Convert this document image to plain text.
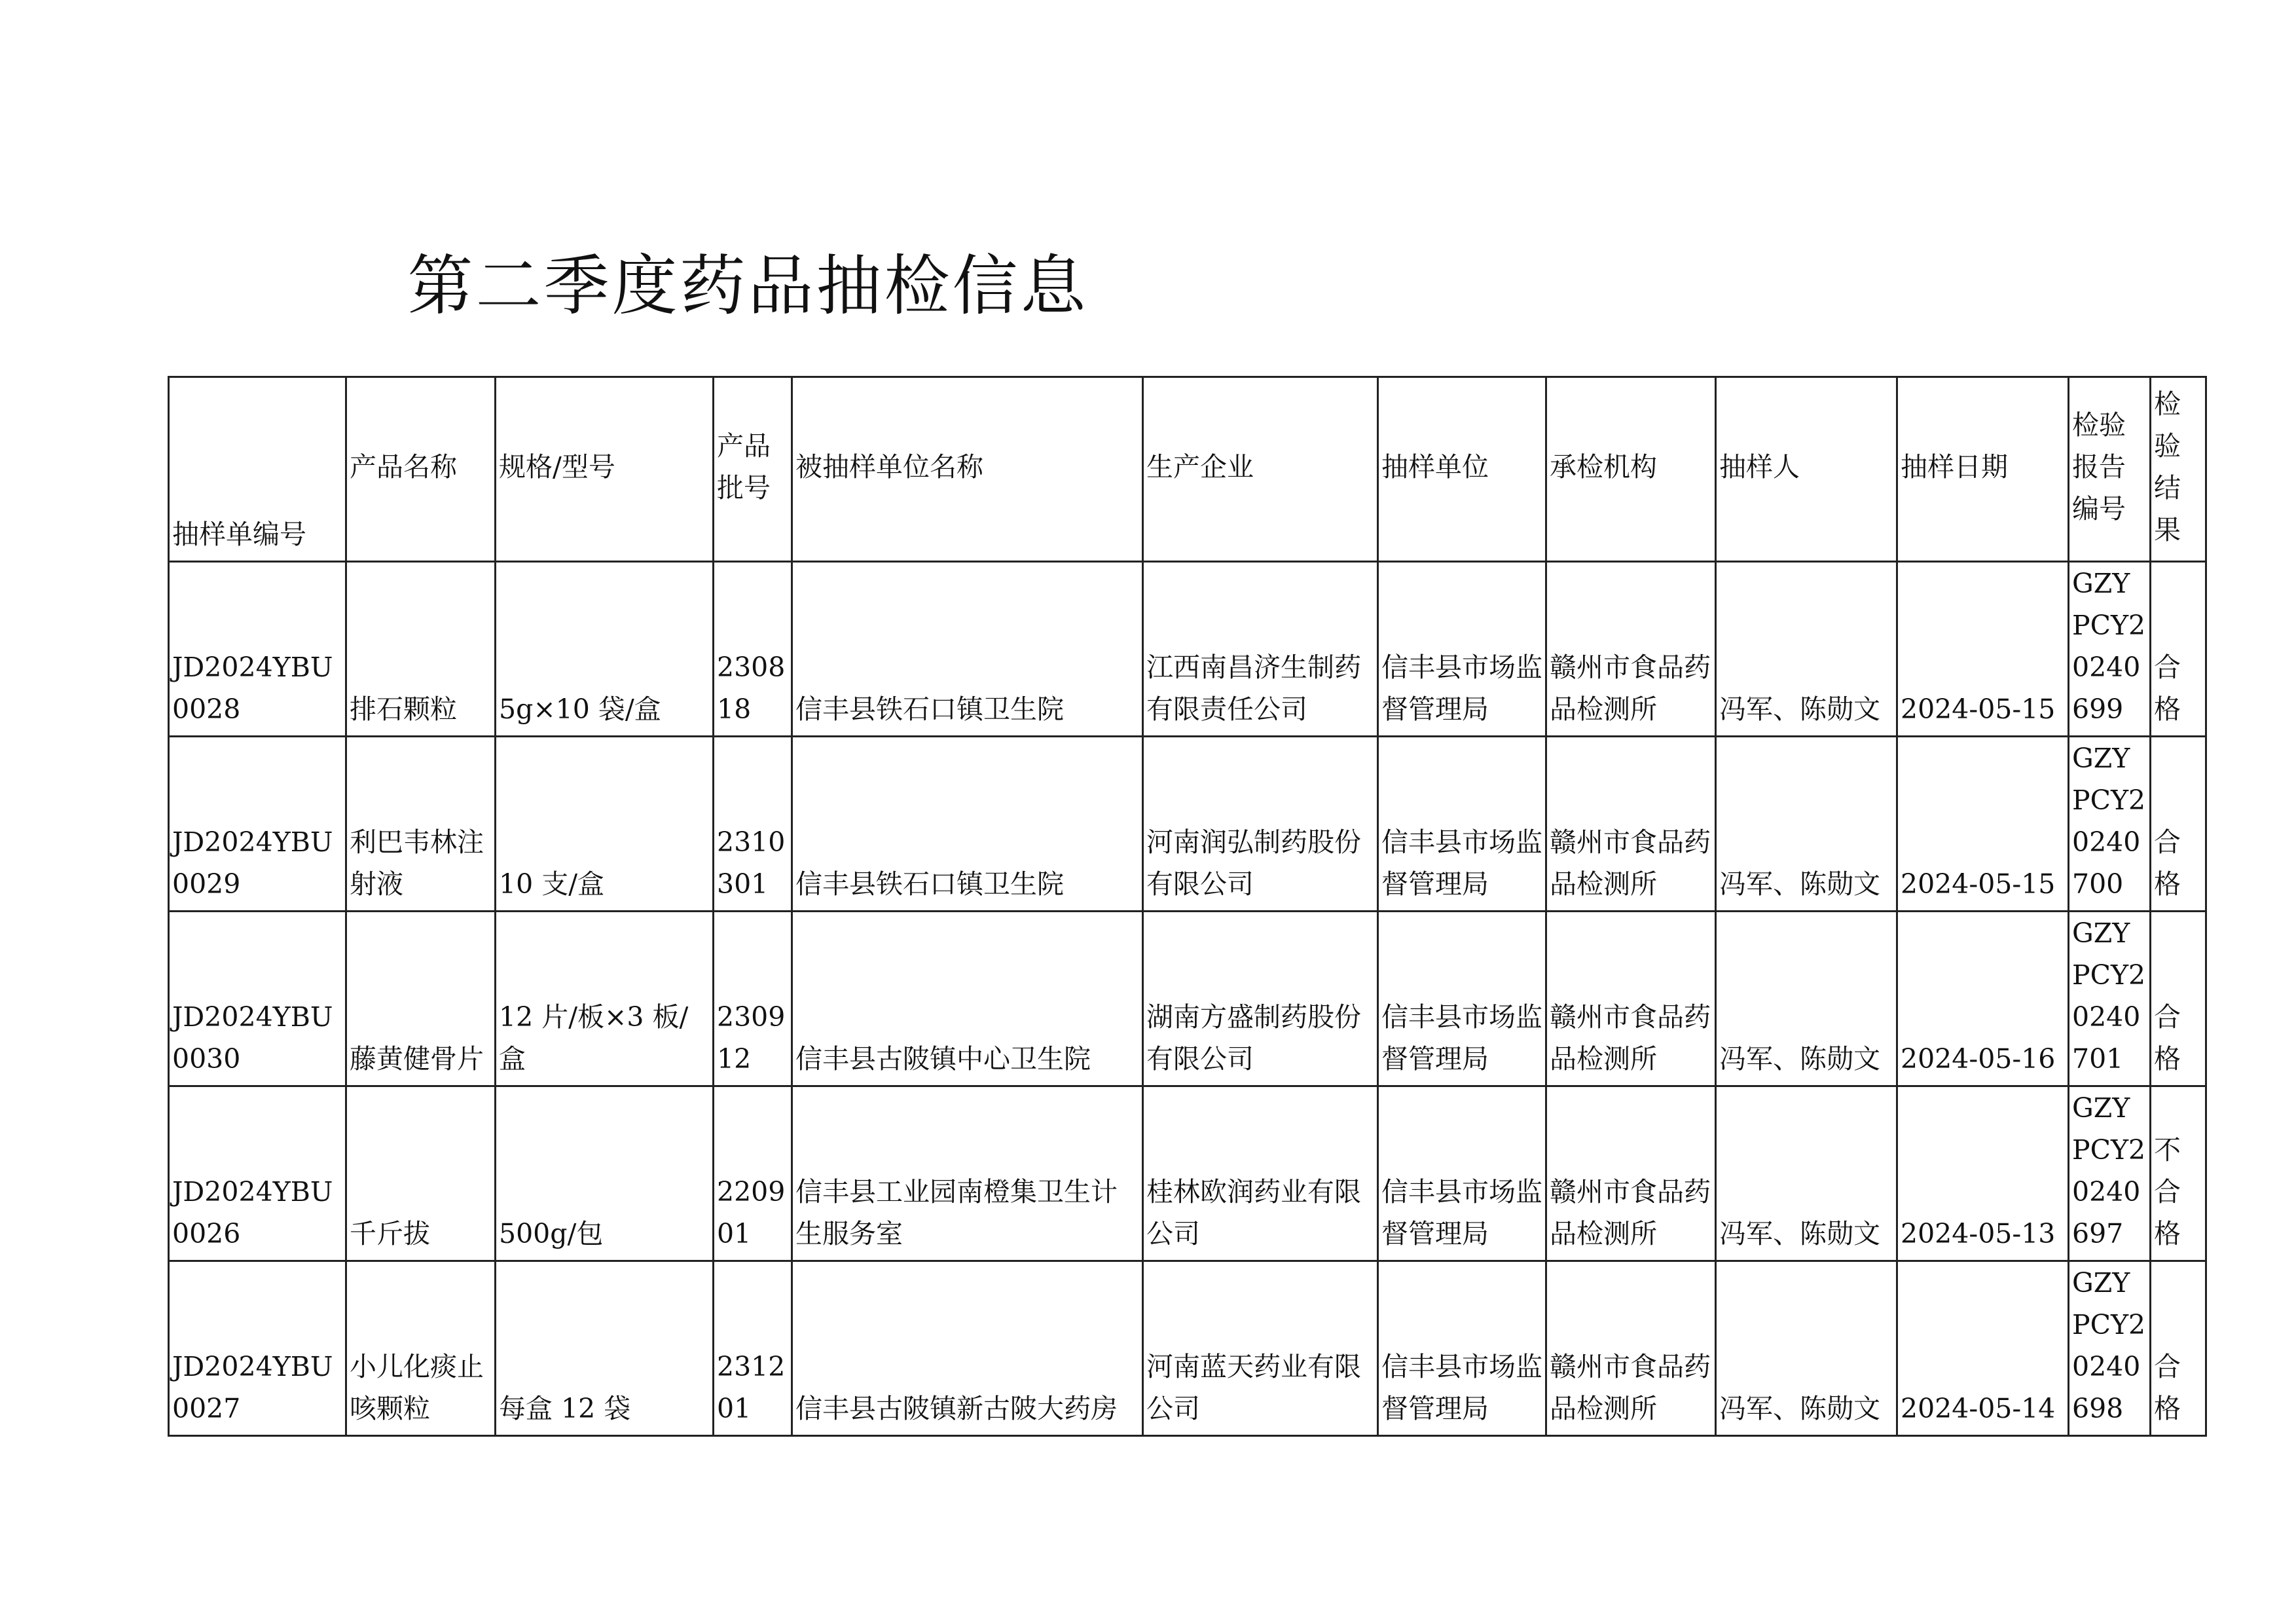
第二季度药品抽检信息
抽样单编号	产品名称	规格/型号	产品批号	被抽样单位名称	生产企业	抽样单位	承检机构	抽样人	抽样日期	检验报告编号	检验结果
JD2024YBU0028	排石颗粒	5g×10 袋/盒	230818	信丰县铁石口镇卫生院	江西南昌济生制药有限责任公司	信丰县市场监督管理局	赣州市食品药品检测所	冯军、陈勋文	2024-05-15	GZYPCY20240699	合格
JD2024YBU0029	利巴韦林注射液	10 支/盒	2310301	信丰县铁石口镇卫生院	河南润弘制药股份有限公司	信丰县市场监督管理局	赣州市食品药品检测所	冯军、陈勋文	2024-05-15	GZYPCY20240700	合格
JD2024YBU0030	藤黄健骨片	12 片/板×3 板/盒	230912	信丰县古陂镇中心卫生院	湖南方盛制药股份有限公司	信丰县市场监督管理局	赣州市食品药品检测所	冯军、陈勋文	2024-05-16	GZYPCY20240701	合格
JD2024YBU0026	千斤拔	500g/包	220901	信丰县工业园南橙集卫生计生服务室	桂林欧润药业有限公司	信丰县市场监督管理局	赣州市食品药品检测所	冯军、陈勋文	2024-05-13	GZYPCY20240697	不合格
JD2024YBU0027	小儿化痰止咳颗粒	每盒 12 袋	231201	信丰县古陂镇新古陂大药房	河南蓝天药业有限公司	信丰县市场监督管理局	赣州市食品药品检测所	冯军、陈勋文	2024-05-14	GZYPCY20240698	合格
